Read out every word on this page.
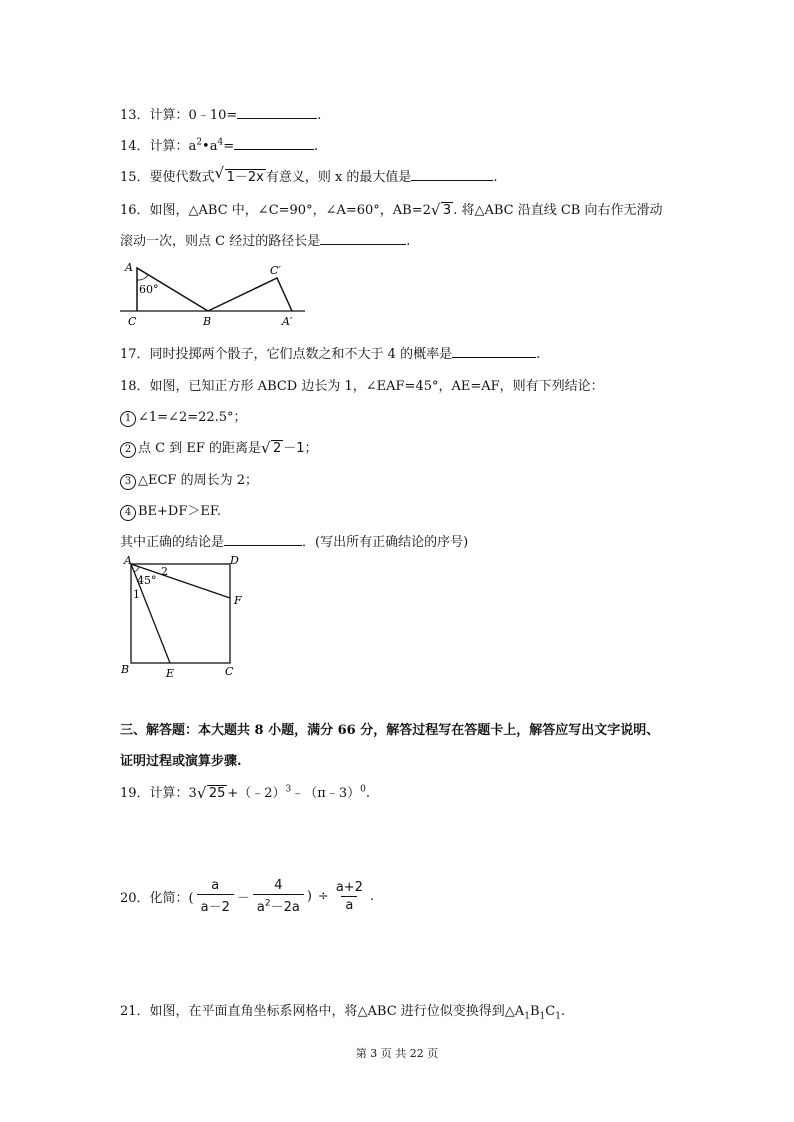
13．计算：0﹣10=	.
14．计算：$a^2•a^4=$	.
15．要使代数式 √ 1－2x 有意义，则 x 的最大值是	.
16．如图，△ABC 中，∠C=90°，∠A=60°，AB=2 √ 3 . 将△ABC 沿直线 CB 向右作无滑动
滚动一次，则点 C 经过的路径长是	.
A
60°
C	B
C′
A′
17．同时投掷两个骰子，它们点数之和不大于 4 的概率是	.
18．如图，已知正方形 ABCD 边长为 1，∠EAF=45°，AE=AF，则有下列结论：
1 ∠1=∠2=22.5°；
2 点 C 到 EF 的距离是 √ 2 －1；
3 △ECF 的周长为 2；
4 BE+DF＞EF.
其中正确的结论是	．(写出所有正确结论的序号)
A	D
F
B	E	C
1
2
45°
三、解答题：本大题共 8 小题，满分 66 分，解答过程写在答题卡上，解答应写出文字说明、
证明过程或演算步骤.
19．计算：3 √ 25 +（﹣2）$^3$﹣（π﹣3）$^0$.
20． 化简：( $\frac{a}{a-2} - \frac{4}{a^2-2a}$ ) ÷ $\frac{a+2}{a}$ .
21．如图，在平面直角坐标系网格中，将△ABC 进行位似变换得到$\triangle A_1B_1C_1$.
第 3 页 共 22 页
